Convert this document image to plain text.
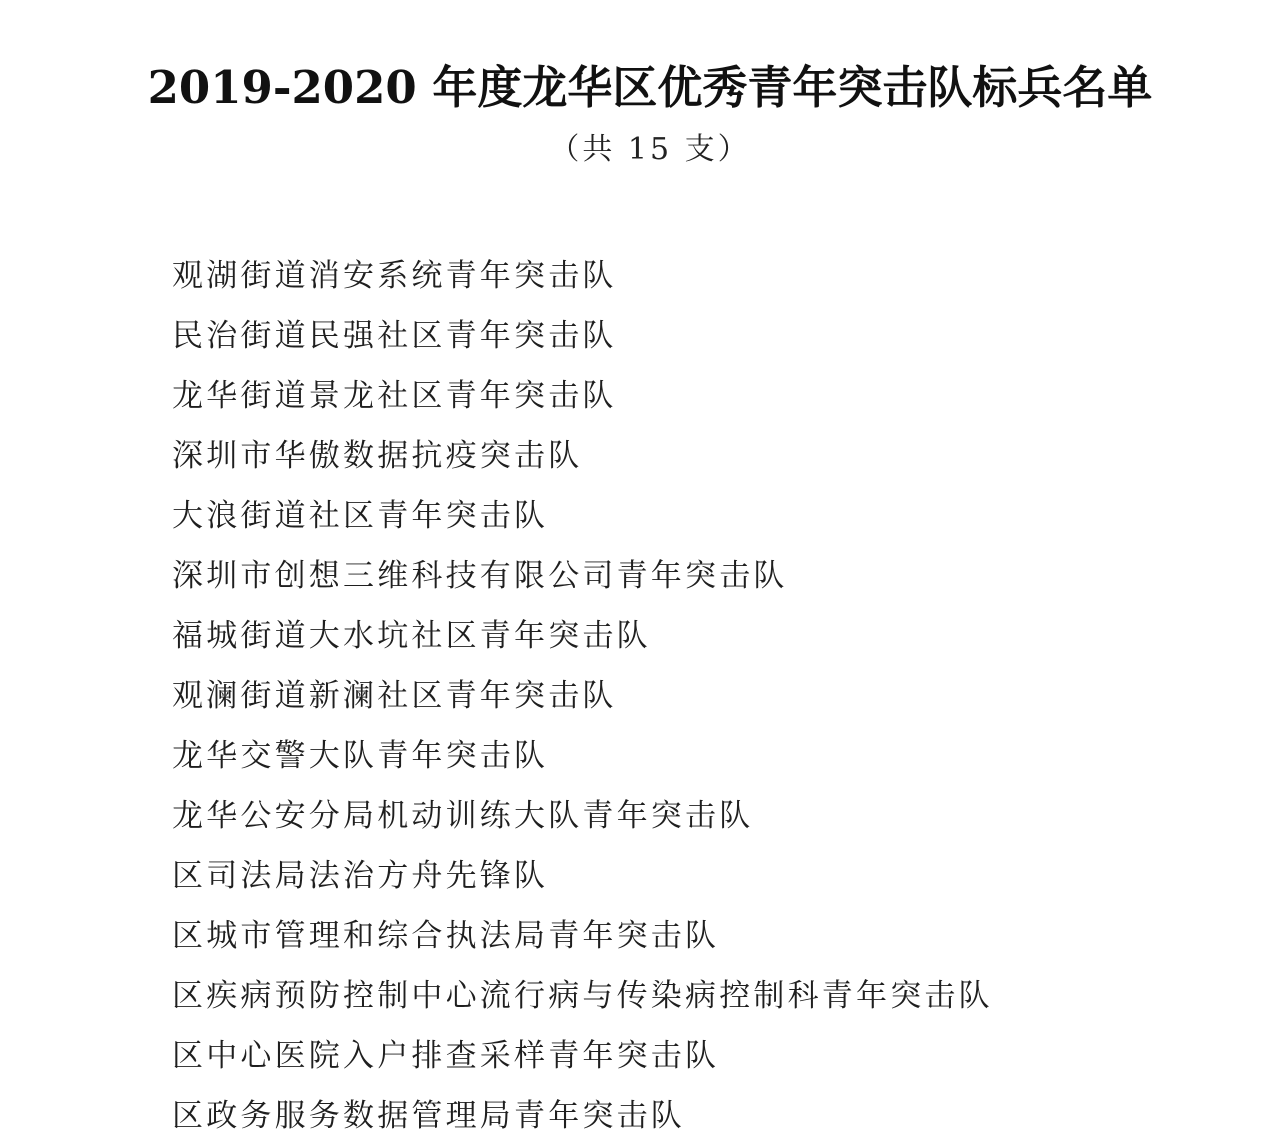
2019-2020 年度龙华区优秀青年突击队标兵名单
（共 15 支）
观湖街道消安系统青年突击队
民治街道民强社区青年突击队
龙华街道景龙社区青年突击队
深圳市华傲数据抗疫突击队
大浪街道社区青年突击队
深圳市创想三维科技有限公司青年突击队
福城街道大水坑社区青年突击队
观澜街道新澜社区青年突击队
龙华交警大队青年突击队
龙华公安分局机动训练大队青年突击队
区司法局法治方舟先锋队
区城市管理和综合执法局青年突击队
区疾病预防控制中心流行病与传染病控制科青年突击队
区中心医院入户排查采样青年突击队
区政务服务数据管理局青年突击队
